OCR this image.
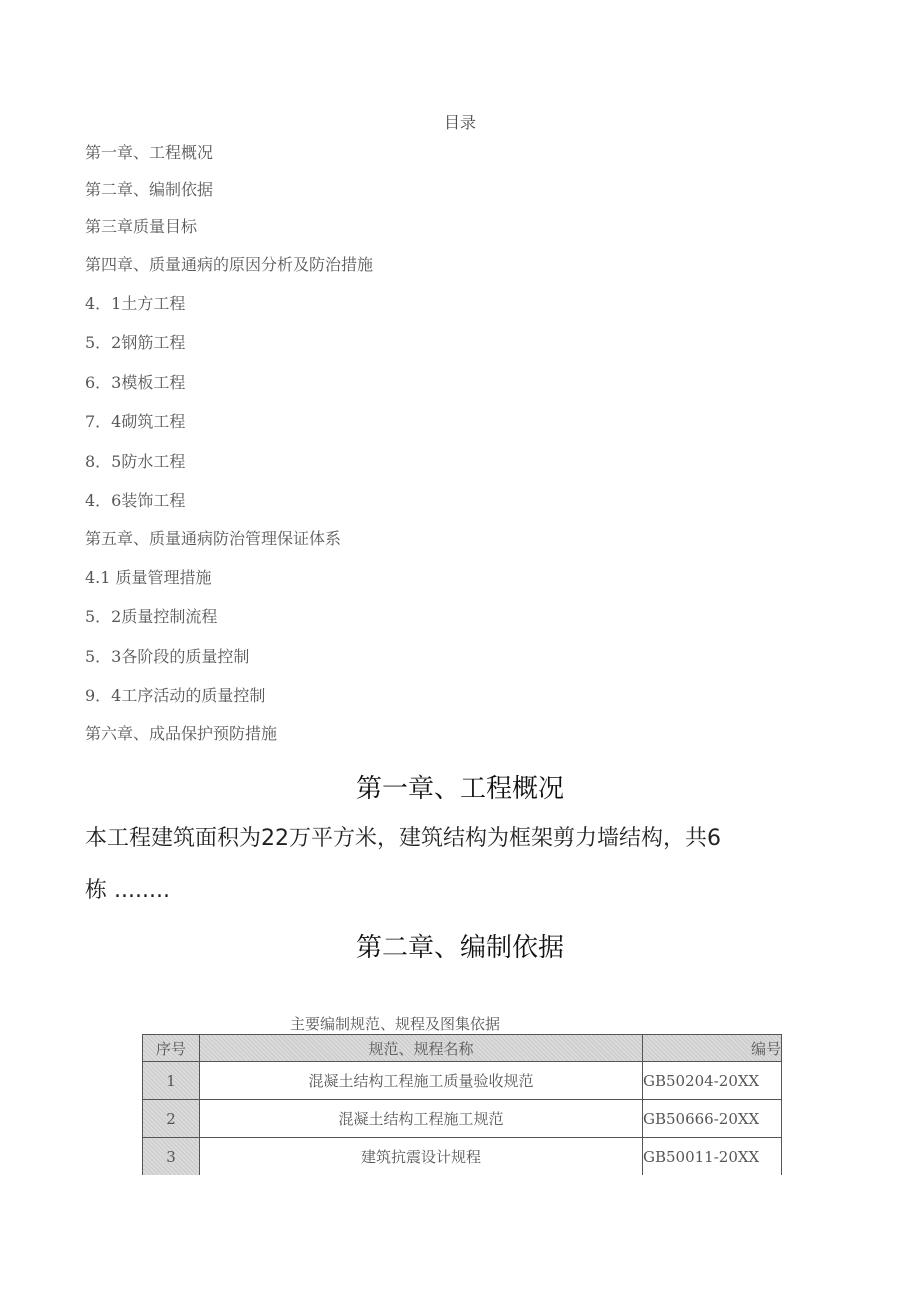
目录
第一章、工程概况
第二章、编制依据
第三章质量目标
第四章、质量通病的原因分析及防治措施
4．1土方工程
5．2钢筋工程
6．3模板工程
7．4砌筑工程
8．5防水工程
4．6装饰工程
第五章、质量通病防治管理保证体系
4.1 质量管理措施
5．2质量控制流程
5．3各阶段的质量控制
9．4工序活动的质量控制
第六章、成品保护预防措施
第一章、工程概况
本工程建筑面积为22万平方米，建筑结构为框架剪力墙结构，共6
栋 ........
第二章、编制依据
主要编制规范、规程及图集依据
序号	规范、规程名称	编号
1	混凝土结构工程施工质量验收规范	GB50204-20XX
2	混凝土结构工程施工规范	GB50666-20XX
3	建筑抗震设计规程	GB50011-20XX
